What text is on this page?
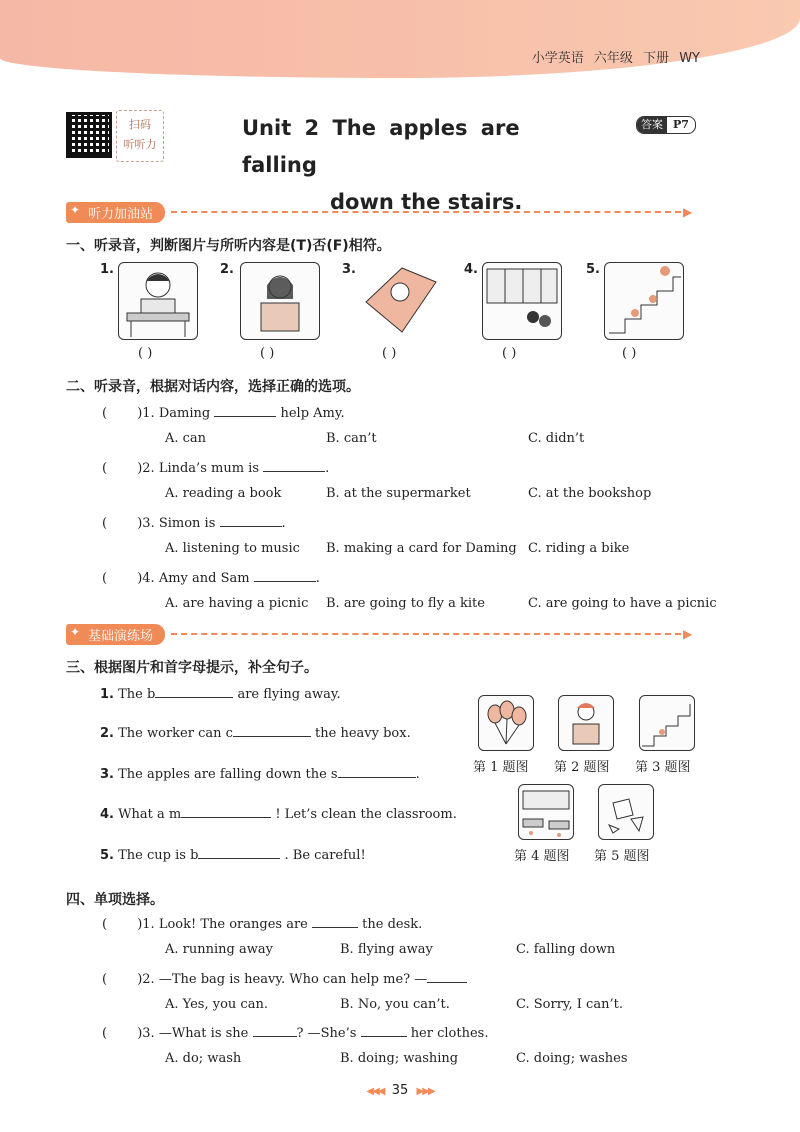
小学英语 六年级 下册 WY
扫码
听听力
Unit 2 The apples are falling
down the stairs.
答案 P7
✦ 听力加油站	▶
一、听录音，判断图片与所听内容是(T)否(F)相符。
1.
( )
2.
( )
3.
( )
4.
( )
5.
( )
二、听录音，根据对话内容，选择正确的选项。
( )1. Daming	help Amy.
A. can	B. can’t	C. didn’t
( )2. Linda’s mum is	.
A. reading a book	B. at the supermarket	C. at the bookshop
( )3. Simon is	.
A. listening to music B. making a card for Daming C. riding a bike
( )4. Amy and Sam	.
A. are having a picnic B. are going to fly a kite	C. are going to have a picnic
✦ 基础演练场	▶
三、根据图片和首字母提示，补全句子。
1. The b	are flying away.
2. The worker can c	the heavy box.
3. The apples are falling down the s	.
4. What a m	! Let’s clean the classroom.
5. The cup is b	. Be careful!
第 1 题图 第 2 题图 第 3 题图
第 4 题图 第 5 题图
四、单项选择。
( )1. Look! The oranges are	the desk.
A. running away	B. flying away	C. falling down
( )2. —The bag is heavy. Who can help me? —
A. Yes, you can.	B. No, you can’t.	C. Sorry, I can’t.
( )3. —What is she	? —She’s	her clothes.
A. do; wash	B. doing; washing	C. doing; washes
◀◀◀ 35 ▶▶▶
